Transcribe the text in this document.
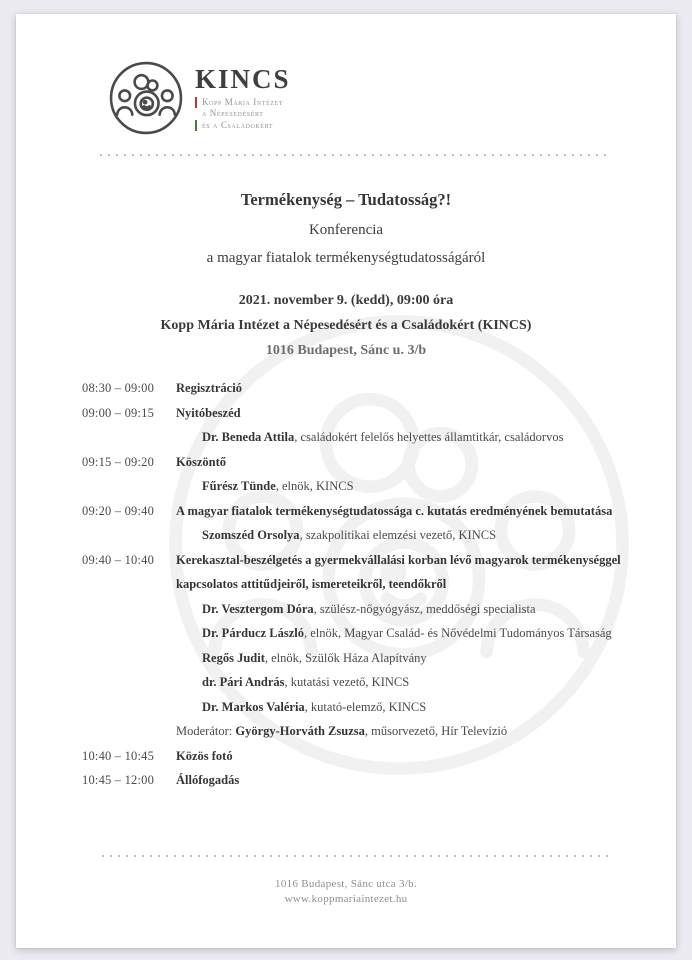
KINCS
Kopp Mária Intézet
a Népesedésért
és a Családokért
Termékenység – Tudatosság?!
Konferencia
a magyar fiatalok termékenységtudatosságáról
2021. november 9. (kedd), 09:00 óra
Kopp Mária Intézet a Népesedésért és a Családokért (KINCS)
1016 Budapest, Sánc u. 3/b
08:30 – 09:00 Regisztráció
09:00 – 09:15 Nyitóbeszéd
Dr. Beneda Attila, családokért felelős helyettes államtitkár, családorvos
09:15 – 09:20 Köszöntő
Fűrész Tünde, elnök, KINCS
09:20 – 09:40 A magyar fiatalok termékenységtudatossága c. kutatás eredményének bemutatása
Szomszéd Orsolya, szakpolitikai elemzési vezető, KINCS
09:40 – 10:40 Kerekasztal-beszélgetés a gyermekvállalási korban lévő magyarok termékenységgel
kapcsolatos attitűdjeiről, ismereteikről, teendőkről
Dr. Vesztergom Dóra, szülész-nőgyógyász, meddőségi specialista
Dr. Párducz László, elnök, Magyar Család- és Nővédelmi Tudományos Társaság
Regős Judit, elnök, Szülők Háza Alapítvány
dr. Pári András, kutatási vezető, KINCS
Dr. Markos Valéria, kutató-elemző, KINCS
Moderátor: György-Horváth Zsuzsa, műsorvezető, Hír Televízió
10:40 – 10:45 Közös fotó
10:45 – 12:00 Állófogadás
1016 Budapest, Sánc utca 3/b.
www.koppmariaintezet.hu
